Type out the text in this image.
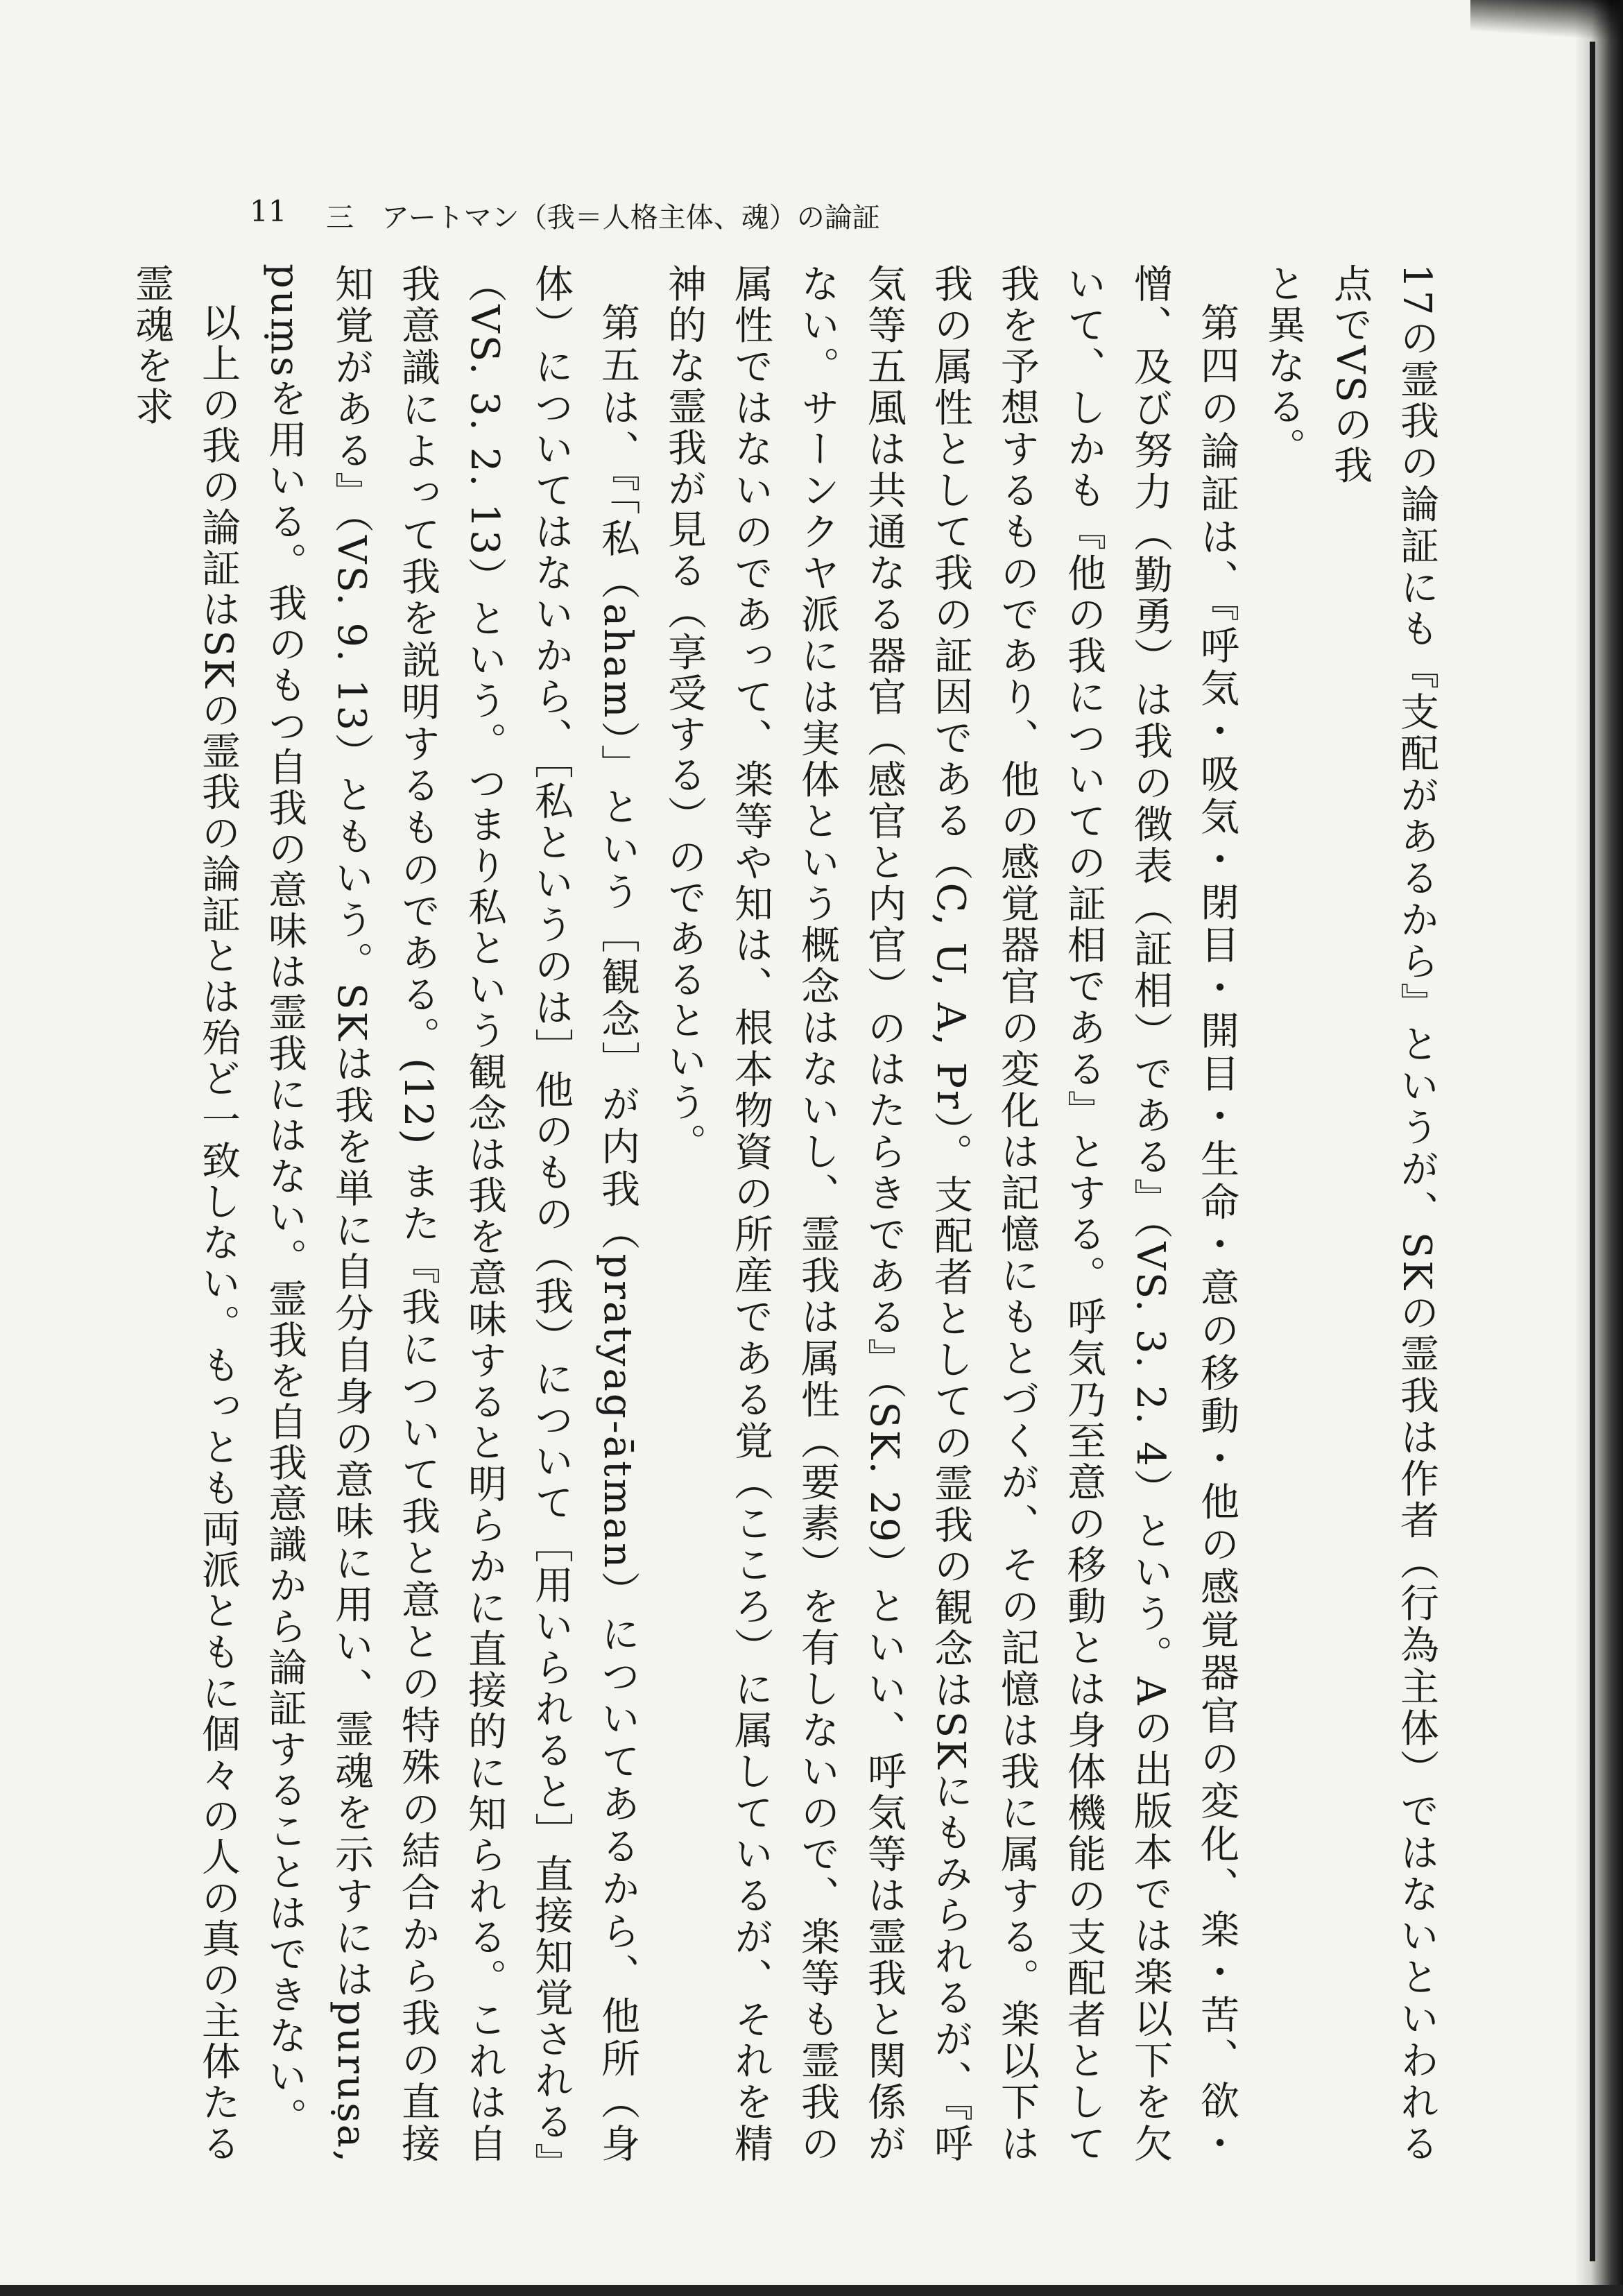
11	三　アートマン（我＝人格主体、魂）の論証

17の霊我の論証にも『支配があるから』というが、SKの霊我は作者（行為主体）ではないといわれる点でVSの我

と異なる。

第四の論証は、『呼気・吸気・閉目・開目・生命・意の移動・他の感覚器官の変化、楽・苦、欲・憎、及び努力（勤勇）は我の徴表（証相）である』（VS. 3. 2. 4）という。Aの出版本では楽以下を欠いて、しかも『他の我についての証相である』とする。呼気乃至意の移動とは身体機能の支配者として我を予想するものであり、他の感覚器官の変化は記憶にもとづくが、その記憶は我に属する。楽以下は我の属性として我の証因である（C, U, A, Pr）。支配者としての霊我の観念はSKにもみられるが、『呼気等五風は共通なる器官（感官と内官）のはたらきである』（SK. 29）といい、呼気等は霊我と関係がない。サーンクヤ派には実体という概念はないし、霊我は属性（要素）を有しないので、楽等も霊我の属性ではないのであって、楽等や知は、根本物資の所産である覚（こころ）に属しているが、それを精神的な霊我が見る（享受する）のであるという。

第五は、『「私（aham）」という［観念］が内我（pratyag-ātman）についてあるから、他所（身体）についてはないから、［私というのは］他のもの（我）について［用いられると］直接知覚される』（VS. 3. 2. 13）という。つまり私という観念は我を意味すると明らかに直接的に知られる。これは自我意識によって我を説明するものである。(12) また『我について我と意との特殊の結合から我の直接知覚がある』（VS. 9. 13）ともいう。SKは我を単に自分自身の意味に用い、霊魂を示すにはpuruṣa, puṃsを用いる。我のもつ自我の意味は霊我にはない。霊我を自我意識から論証することはできない。

以上の我の論証はSKの霊我の論証とは殆ど一致しない。もっとも両派ともに個々の人の真の主体たる霊魂を求
